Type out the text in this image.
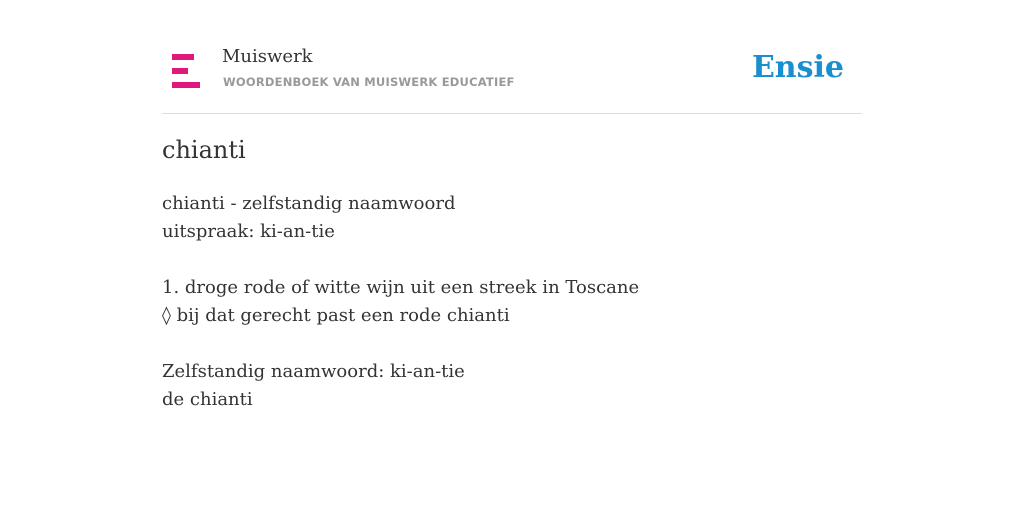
Muiswerk
WOORDENBOEK VAN MUISWERK EDUCATIEF	Ensie
chianti
chianti - zelfstandig naamwoord
uitspraak: ki-an-tie
1. droge rode of witte wijn uit een streek in Toscane
◊ bij dat gerecht past een rode chianti
Zelfstandig naamwoord: ki-an-tie
de chianti
